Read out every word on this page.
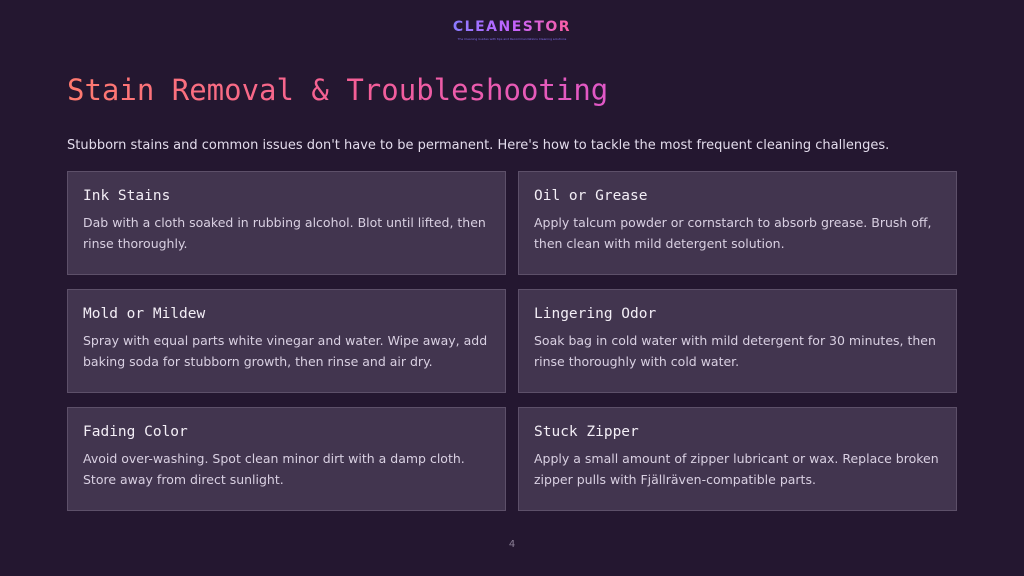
CLEANESTOR
The Cleaning Guides with tips and Recommendations Cleaning solutions
Stain Removal & Troubleshooting

Stubborn stains and common issues don't have to be permanent. Here's how to tackle the most frequent cleaning challenges.

Ink Stains

Dab with a cloth soaked in rubbing alcohol. Blot until lifted, then rinse thoroughly.

Oil or Grease

Apply talcum powder or cornstarch to absorb grease. Brush off, then clean with mild detergent solution.

Mold or Mildew

Spray with equal parts white vinegar and water. Wipe away, add baking soda for stubborn growth, then rinse and air dry.

Lingering Odor

Soak bag in cold water with mild detergent for 30 minutes, then rinse thoroughly with cold water.

Fading Color

Avoid over-washing. Spot clean minor dirt with a damp cloth. Store away from direct sunlight.

Stuck Zipper

Apply a small amount of zipper lubricant or wax. Replace broken zipper pulls with Fjällräven-compatible parts.

4
